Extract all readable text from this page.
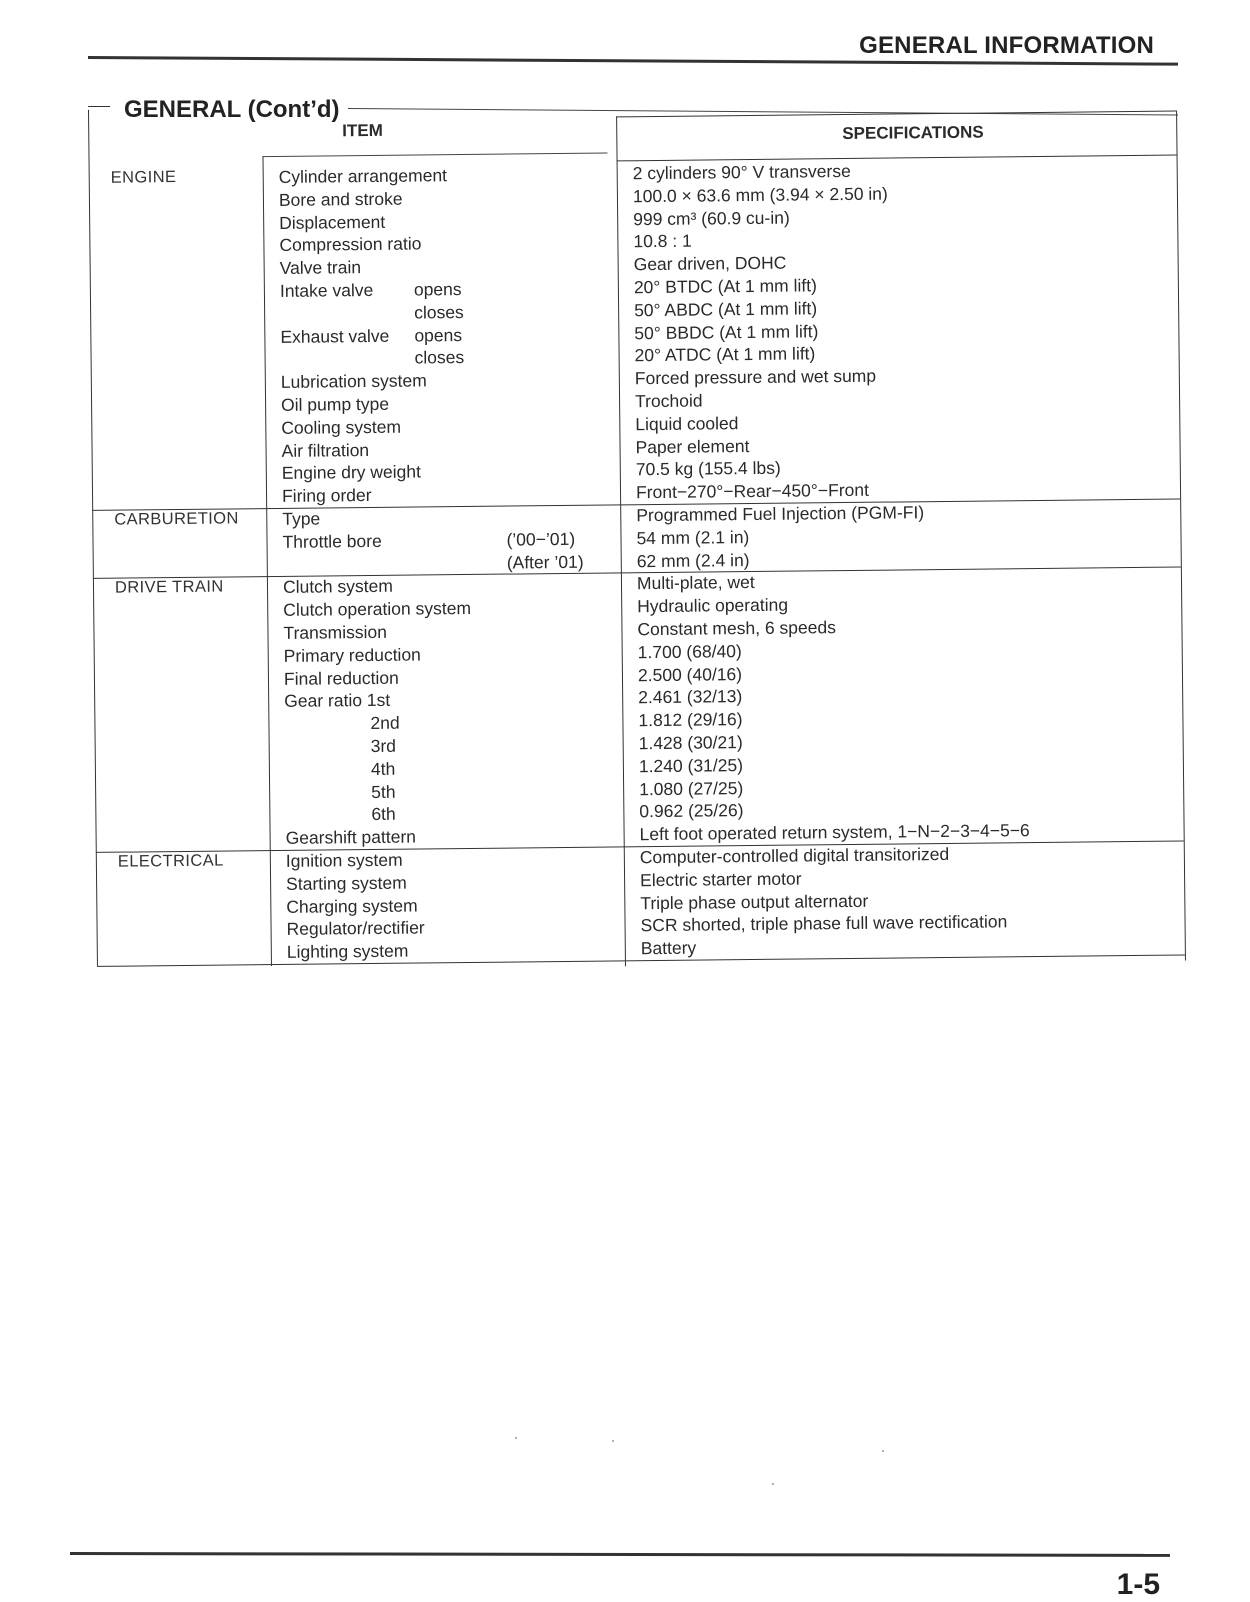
GENERAL INFORMATION
GENERAL (Cont’d)
ITEM	SPECIFICATIONS
ENGINE	Cylinder arrangement	2 cylinders 90° V transverse
Bore and stroke	100.0 × 63.6 mm (3.94 × 2.50 in)
Displacement	999 cm³ (60.9 cu-in)
Compression ratio	10.8 : 1
Valve train	Gear driven, DOHC
Intake valve opens	20° BTDC (At 1 mm lift)
closes	50° ABDC (At 1 mm lift)
Exhaust valve opens	50° BBDC (At 1 mm lift)
closes	20° ATDC (At 1 mm lift)
Lubrication system	Forced pressure and wet sump
Oil pump type	Trochoid
Cooling system	Liquid cooled
Air filtration	Paper element
Engine dry weight	70.5 kg (155.4 lbs)
Firing order	Front−270°−Rear−450°−Front
CARBURETION Type	Programmed Fuel Injection (PGM-FI)
Throttle bore	(’00−’01)	54 mm (2.1 in)
(After ’01)	62 mm (2.4 in)
DRIVE TRAIN	Clutch system	Multi-plate, wet
Clutch operation system	Hydraulic operating
Transmission	Constant mesh, 6 speeds
Primary reduction	1.700 (68/40)
Final reduction	2.500 (40/16)
Gear ratio 1st	2.461 (32/13)
2nd	1.812 (29/16)
3rd	1.428 (30/21)
4th	1.240 (31/25)
5th	1.080 (27/25)
6th	0.962 (25/26)
Gearshift pattern	Left foot operated return system, 1−N−2−3−4−5−6
ELECTRICAL	Ignition system	Computer-controlled digital transitorized
Starting system	Electric starter motor
Charging system	Triple phase output alternator
Regulator/rectifier	SCR shorted, triple phase full wave rectification
Lighting system	Battery
1-5
